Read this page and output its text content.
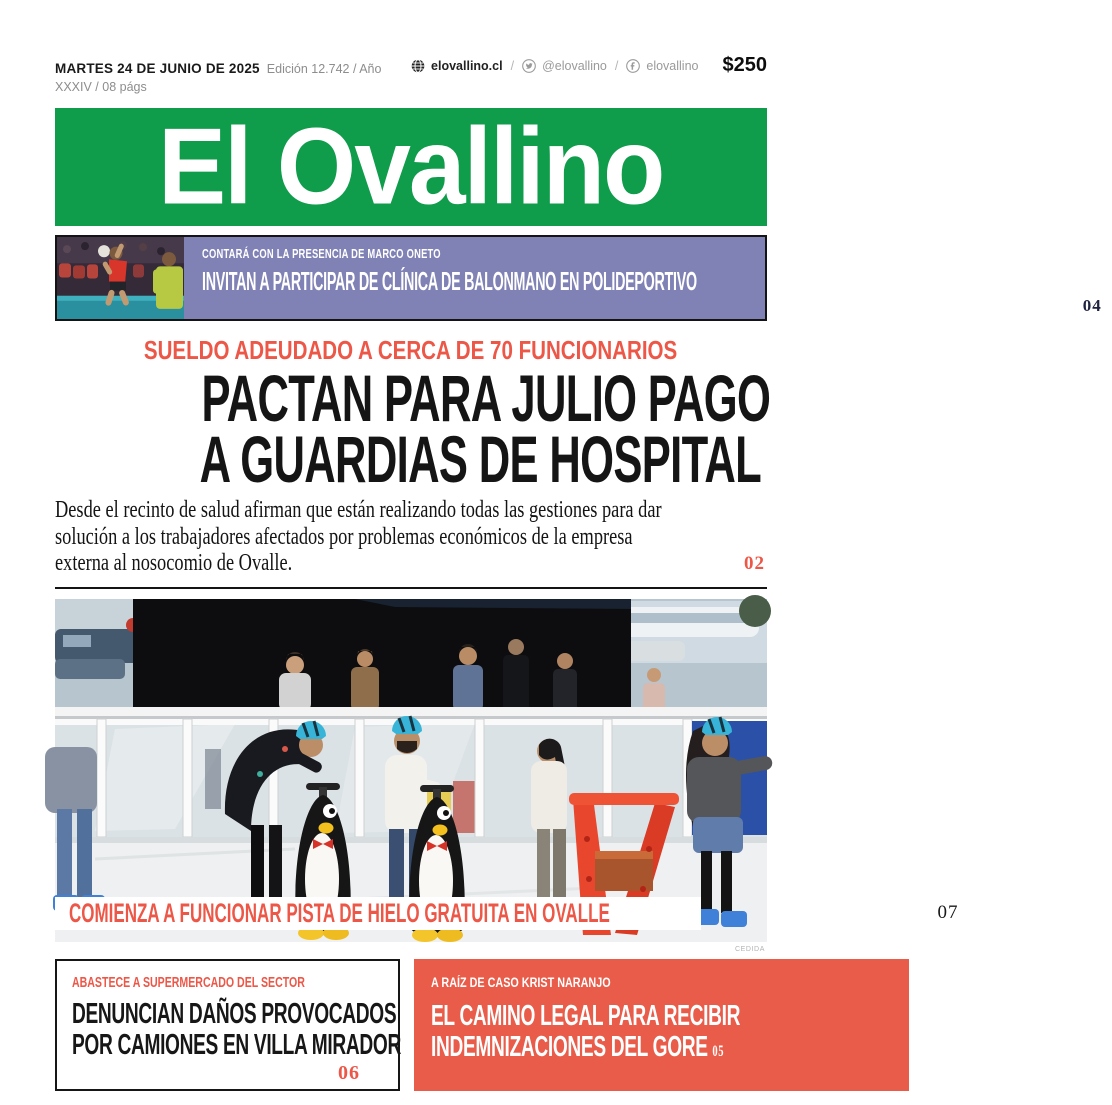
MARTES 24 DE JUNIO DE 2025 Edición 12.742 / Año XXXIV / 08 págs
elovallino.cl / @elovallino / elovallino $250
El Ovallino
CONTARÁ CON LA PRESENCIA DE MARCO ONETO
INVITAN A PARTICIPAR DE CLÍNICA DE BALONMANO EN POLIDEPORTIVO
04
SUELDO ADEUDADO A CERCA DE 70 FUNCIONARIOS
PACTAN PARA JULIO PAGO
A GUARDIAS DE HOSPITAL

Desde el recinto de salud afirman que están realizando todas las gestiones para dar
solución a los trabajadores afectados por problemas económicos de la empresa
externa al nosocomio de Ovalle.	02
COMIENZA A FUNCIONAR PISTA DE HIELO GRATUITA EN OVALLE	07
CEDIDA
ABASTECE A SUPERMERCADO DEL SECTOR
DENUNCIAN DAÑOS PROVOCADOS
POR CAMIONES EN VILLA MIRADOR
06
A RAÍZ DE CASO KRIST NARANJO
EL CAMINO LEGAL PARA RECIBIR
INDEMNIZACIONES DEL GORE 05
